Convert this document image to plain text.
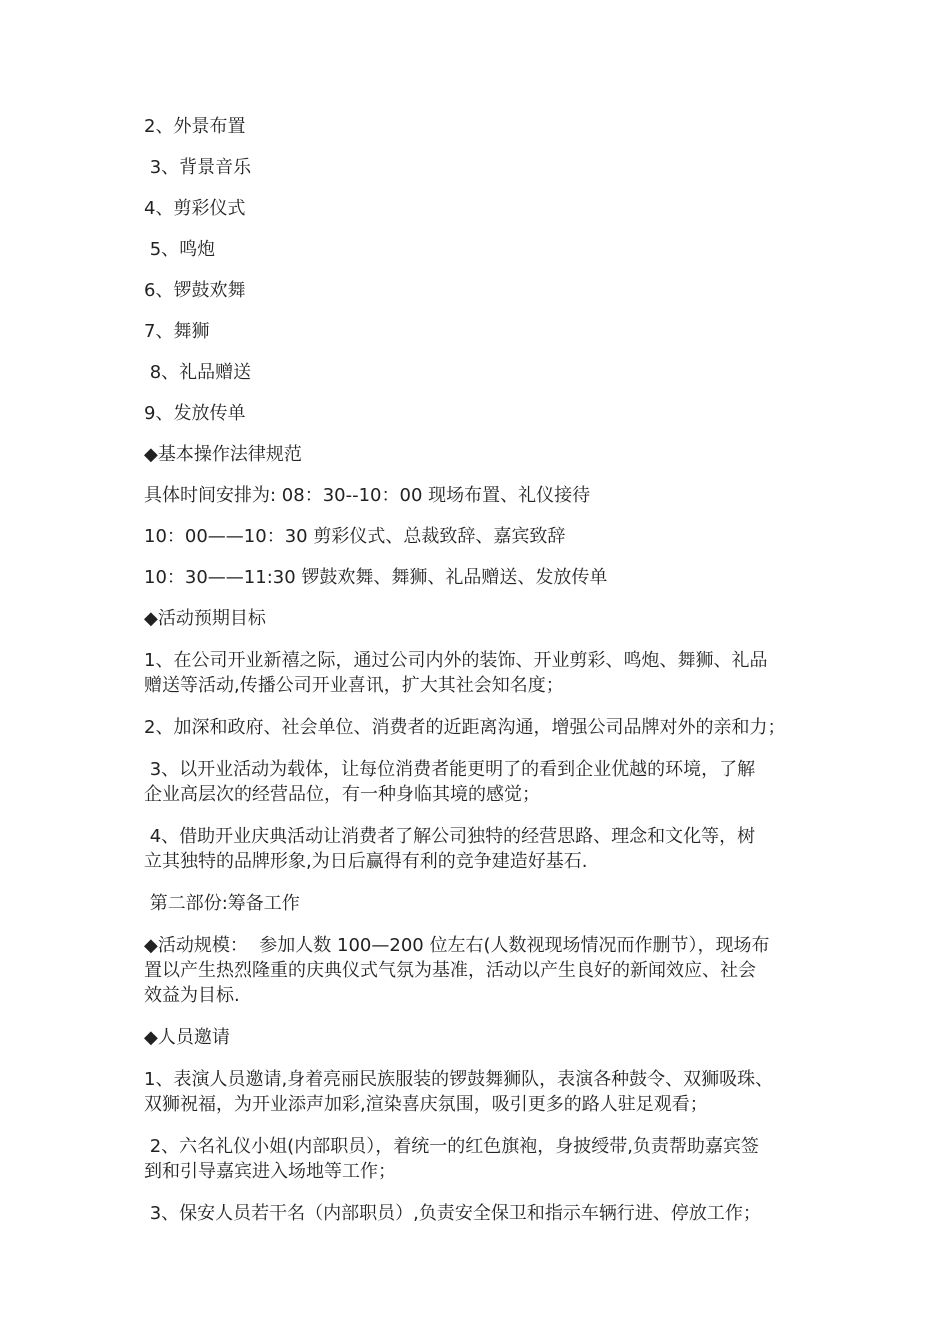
2、外景布置

3、背景音乐

4、剪彩仪式

5、鸣炮

6、锣鼓欢舞

7、舞狮

8、礼品赠送

9、发放传单

◆基本操作法律规范

具体时间安排为: 08：30--10：00 现场布置、礼仪接待

10：00——10：30 剪彩仪式、总裁致辞、嘉宾致辞

10：30——11:30 锣鼓欢舞、舞狮、礼品赠送、发放传单

◆活动预期目标

1、在公司开业新禧之际，通过公司内外的装饰、开业剪彩、鸣炮、舞狮、礼品

赠送等活动,传播公司开业喜讯，扩大其社会知名度；

2、加深和政府、社会单位、消费者的近距离沟通，增强公司品牌对外的亲和力；

3、以开业活动为载体，让每位消费者能更明了的看到企业优越的环境，了解

企业高层次的经营品位，有一种身临其境的感觉；

4、借助开业庆典活动让消费者了解公司独特的经营思路、理念和文化等，树

立其独特的品牌形象,为日后赢得有利的竞争建造好基石.

第二部份:筹备工作

◆活动规模：  参加人数 100—200 位左右(人数视现场情况而作删节），现场布

置以产生热烈隆重的庆典仪式气氛为基准，活动以产生良好的新闻效应、社会

效益为目标.

◆人员邀请

1、表演人员邀请,身着亮丽民族服装的锣鼓舞狮队，表演各种鼓令、双狮吸珠、

双狮祝福，为开业添声加彩,渲染喜庆氛围，吸引更多的路人驻足观看；

2、六名礼仪小姐(内部职员），着统一的红色旗袍，身披绶带,负责帮助嘉宾签

到和引导嘉宾进入场地等工作；

3、保安人员若干名（内部职员）,负责安全保卫和指示车辆行进、停放工作；
